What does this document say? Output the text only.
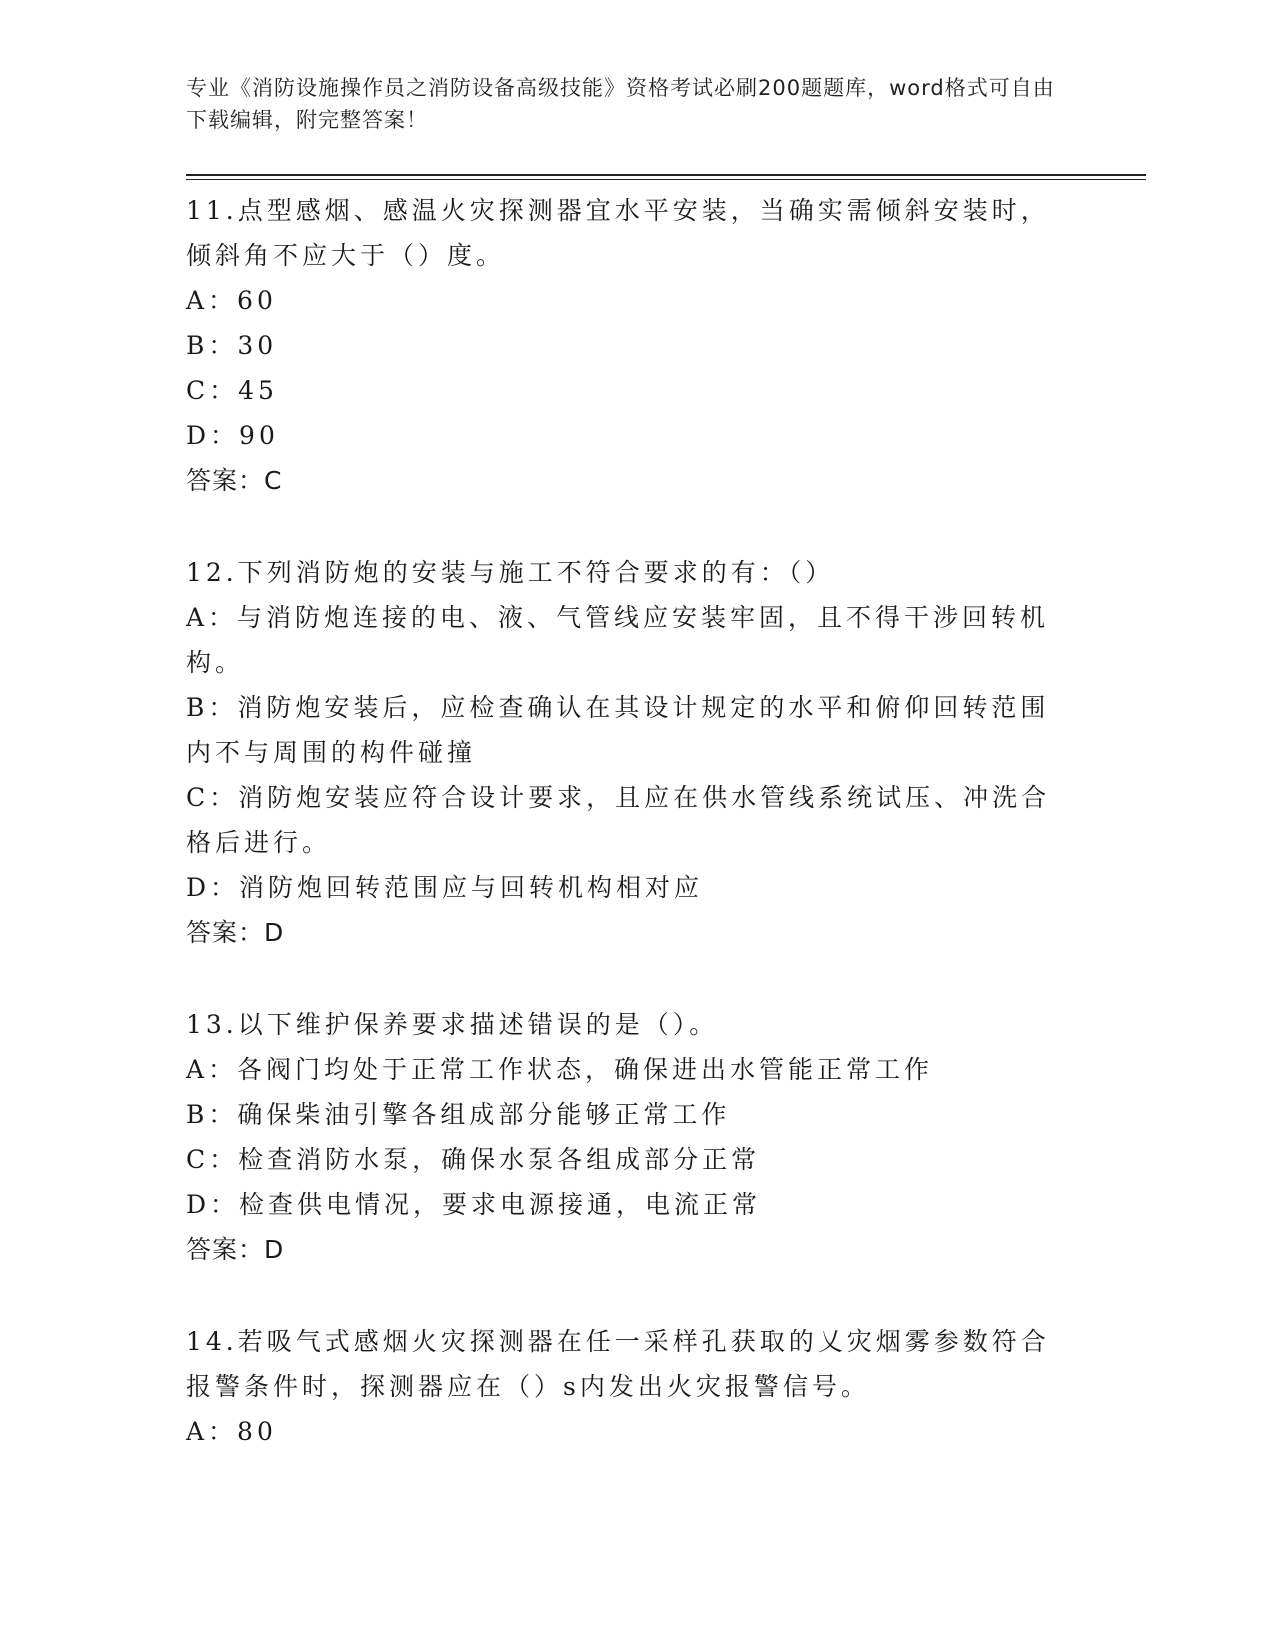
专业《消防设施操作员之消防设备高级技能》资格考试必刷200题题库，word格式可自由下载编辑，附完整答案！

11.点型感烟、感温火灾探测器宜水平安装，当确实需倾斜安装时，倾斜角不应大于（）度。

A：60

B：30

C：45

D：90

答案：C

12.下列消防炮的安装与施工不符合要求的有：（）

A：与消防炮连接的电、液、气管线应安装牢固，且不得干涉回转机构。

B：消防炮安装后，应检查确认在其设计规定的水平和俯仰回转范围内不与周围的构件碰撞

C：消防炮安装应符合设计要求，且应在供水管线系统试压、冲洗合格后进行。

D：消防炮回转范围应与回转机构相对应

答案：D

13.以下维护保养要求描述错误的是（）。

A：各阀门均处于正常工作状态，确保进出水管能正常工作

B：确保柴油引擎各组成部分能够正常工作

C：检查消防水泵，确保水泵各组成部分正常

D：检查供电情况，要求电源接通，电流正常

答案：D

14.若吸气式感烟火灾探测器在任一采样孔获取的乂灾烟雾参数符合报警条件时，探测器应在（）s内发出火灾报警信号。

A：80
